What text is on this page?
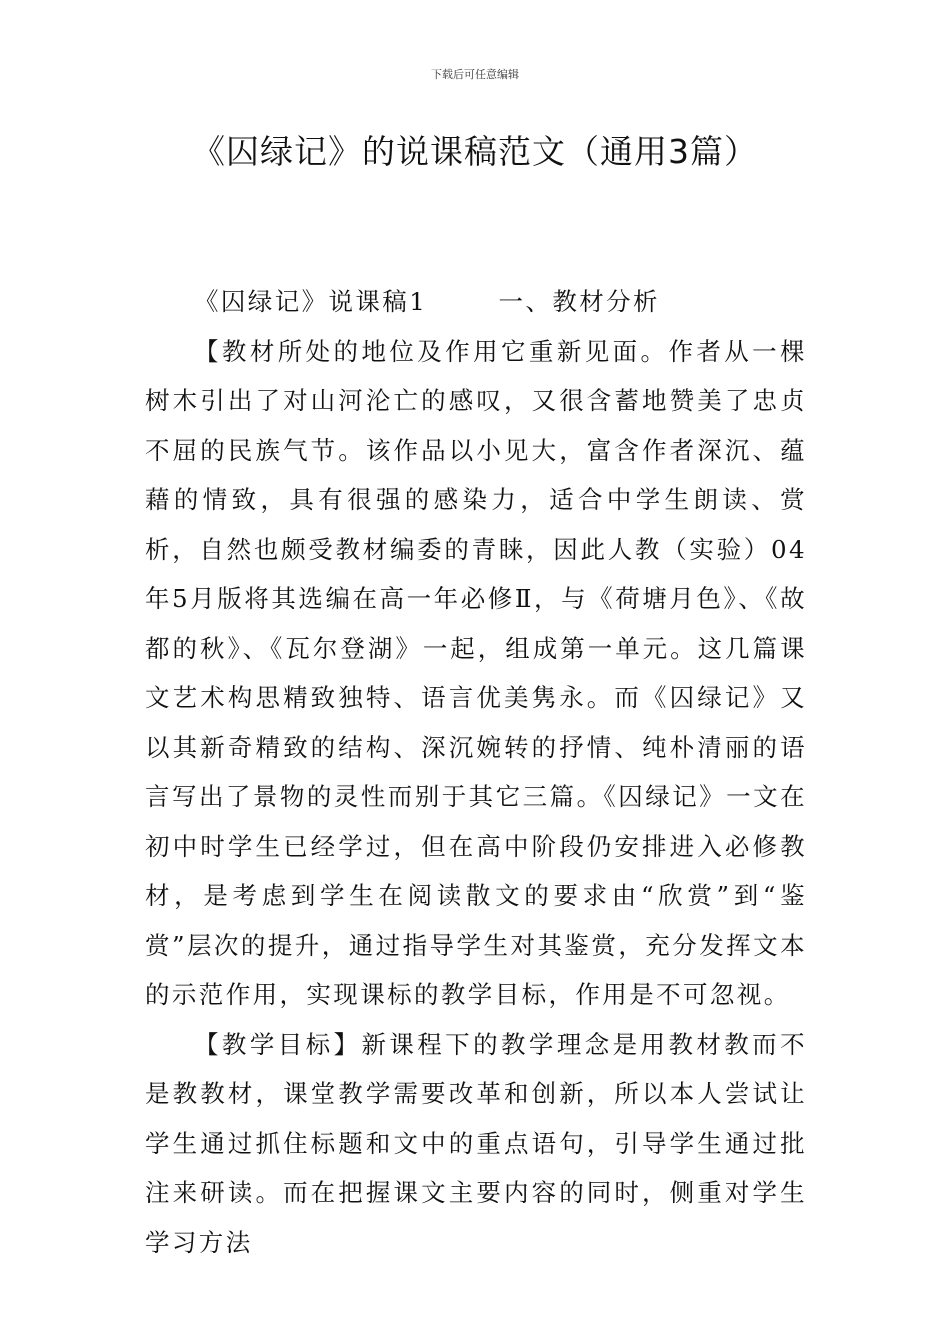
下载后可任意编辑
《囚绿记》的说课稿范文（通用3篇）

《囚绿记》说课稿1	一、教材分析

【教材所处的地位及作用它重新见面。作者从一棵树木引出了对山河沦亡的感叹，又很含蓄地赞美了忠贞不屈的民族气节。该作品以小见大，富含作者深沉、蕴藉的情致，具有很强的感染力，适合中学生朗读、赏析，自然也颇受教材编委的青睐，因此人教（实验）04年5月版将其选编在高一年必修Ⅱ，与《荷塘月色》、《故都的秋》、《瓦尔登湖》一起，组成第一单元。这几篇课文艺术构思精致独特、语言优美隽永。而《囚绿记》又以其新奇精致的结构、深沉婉转的抒情、纯朴清丽的语言写出了景物的灵性而别于其它三篇。《囚绿记》一文在初中时学生已经学过，但在高中阶段仍安排进入必修教材，是考虑到学生在阅读散文的要求由“欣赏”到“鉴赏”层次的提升，通过指导学生对其鉴赏，充分发挥文本的示范作用，实现课标的教学目标，作用是不可忽视。

【教学目标】新课程下的教学理念是用教材教而不是教教材，课堂教学需要改革和创新，所以本人尝试让学生通过抓住标题和文中的重点语句，引导学生通过批注来研读。而在把握课文主要内容的同时，侧重对学生学习方法
